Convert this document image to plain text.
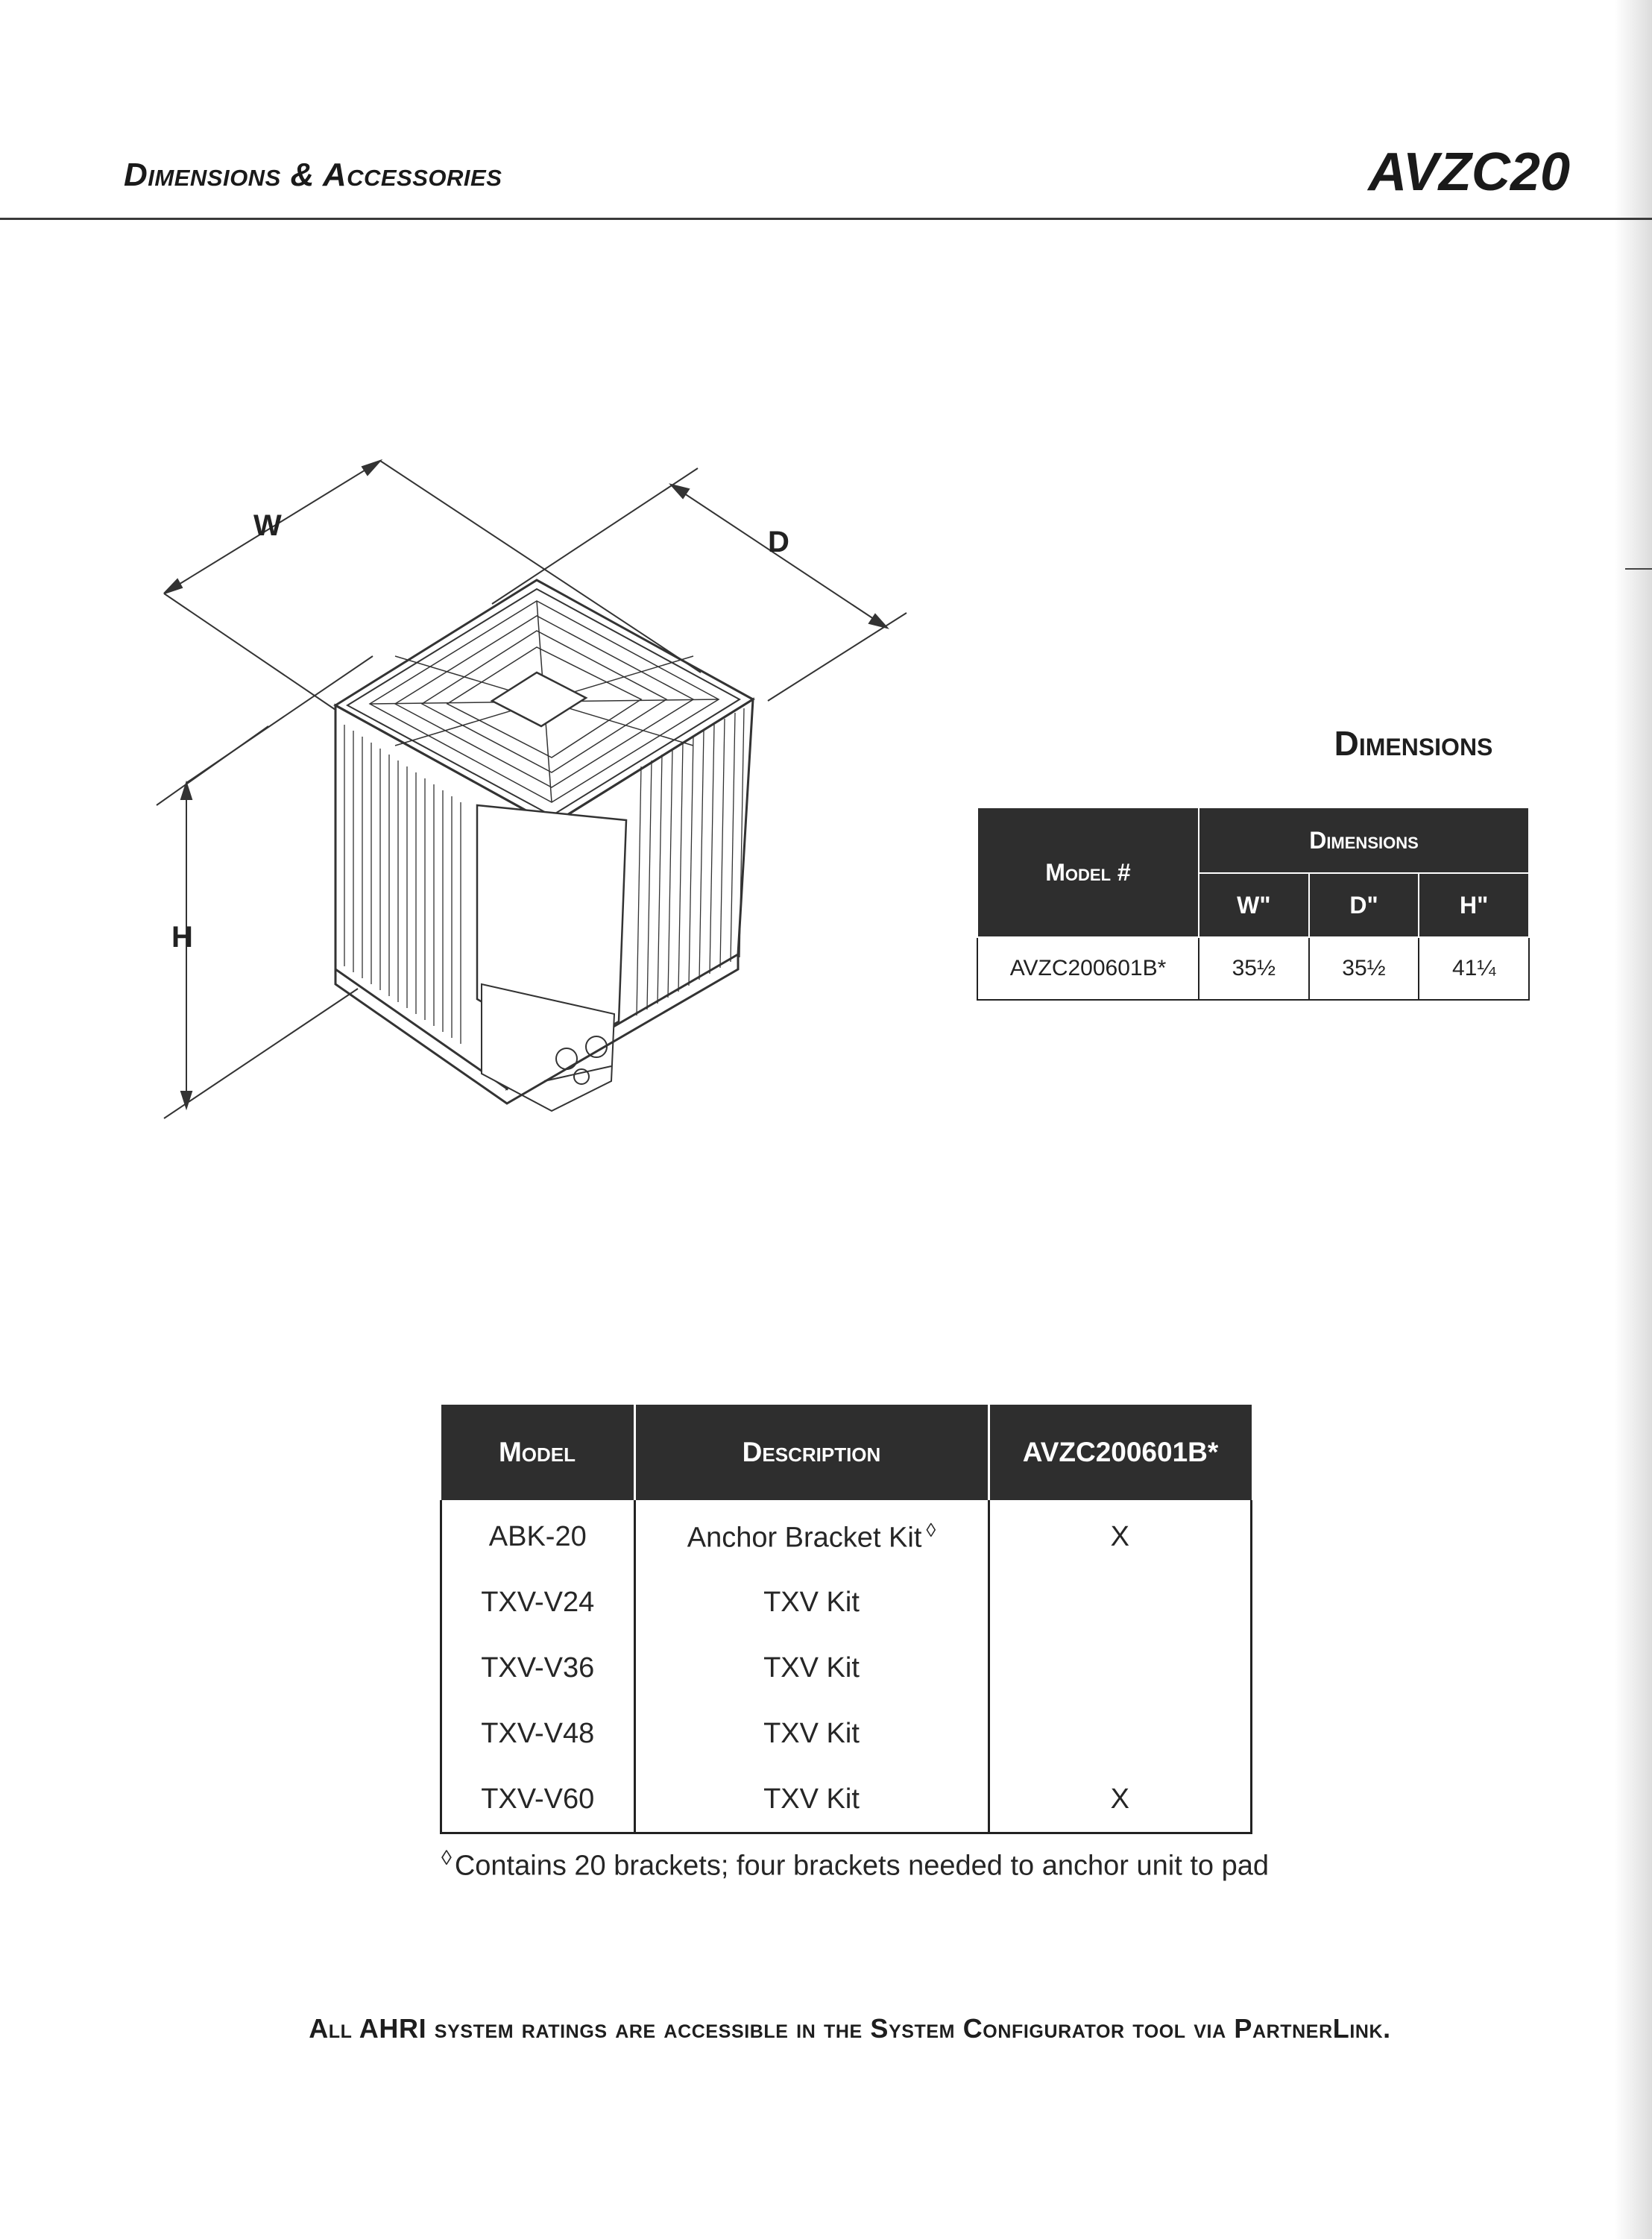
Dimensions & Accessories	AVZC20
W	D
H
Dimensions
Model #	Dimensions		
	W"	D"	H"
AVZC200601B*	35½	35½	41¼
Model	Description	AVZC200601B*
ABK-20	Anchor Bracket Kit ◊	X
TXV-V24	TXV Kit	
TXV-V36	TXV Kit	
TXV-V48	TXV Kit	
TXV-V60	TXV Kit	X
◊ Contains 20 brackets; four brackets needed to anchor unit to pad
All AHRI system ratings are accessible in the System Configurator tool via PartnerLink.
